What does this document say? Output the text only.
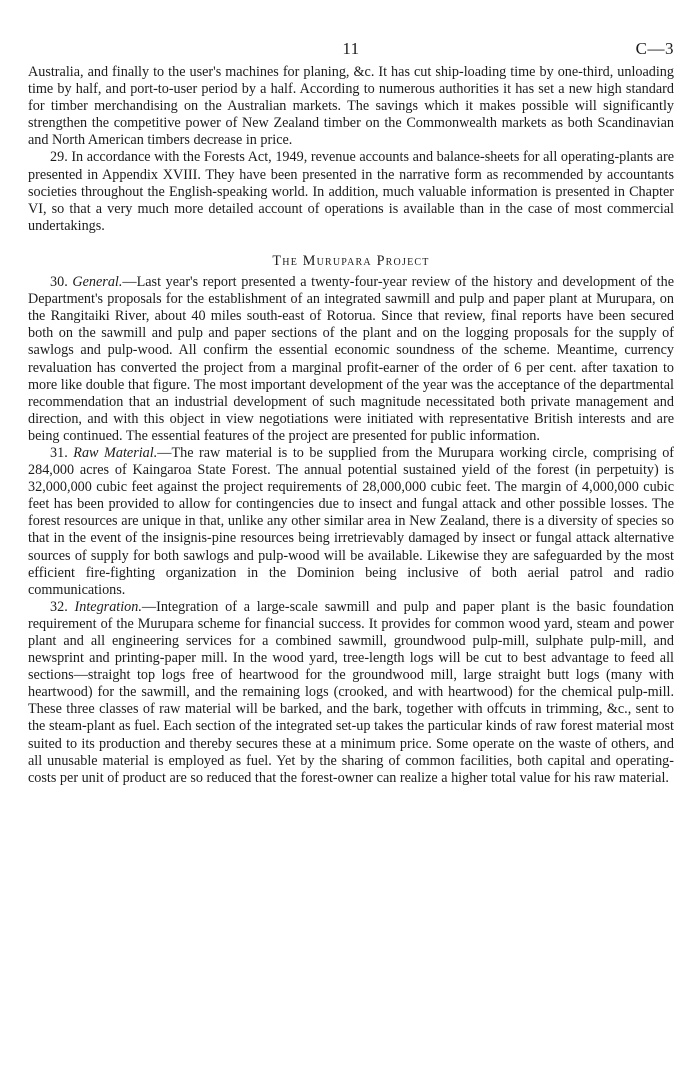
11	C—3

Australia, and finally to the user's machines for planing, &c. It has cut ship-loading time by one-third, unloading time by half, and port-to-user period by a half. According to numerous authorities it has set a new high standard for timber merchandising on the Australian markets. The savings which it makes possible will significantly strengthen the competitive power of New Zealand timber on the Commonwealth markets as both Scandinavian and North American timbers decrease in price.

29. In accordance with the Forests Act, 1949, revenue accounts and balance-sheets for all operating-plants are presented in Appendix XVIII. They have been presented in the narrative form as recommended by accountants societies throughout the English-speaking world. In addition, much valuable information is presented in Chapter VI, so that a very much more detailed account of operations is available than in the case of most commercial undertakings.

The Murupara Project

30. General.—Last year's report presented a twenty-four-year review of the history and development of the Department's proposals for the establishment of an integrated sawmill and pulp and paper plant at Murupara, on the Rangitaiki River, about 40 miles south-east of Rotorua. Since that review, final reports have been secured both on the sawmill and pulp and paper sections of the plant and on the logging proposals for the supply of sawlogs and pulp-wood. All confirm the essential economic soundness of the scheme. Meantime, currency revaluation has converted the project from a marginal profit-earner of the order of 6 per cent. after taxation to more like double that figure. The most important development of the year was the acceptance of the departmental recommendation that an industrial development of such magnitude necessitated both private management and direction, and with this object in view negotiations were initiated with representative British interests and are being continued. The essential features of the project are presented for public information.

31. Raw Material.—The raw material is to be supplied from the Murupara working circle, comprising of 284,000 acres of Kaingaroa State Forest. The annual potential sustained yield of the forest (in perpetuity) is 32,000,000 cubic feet against the project requirements of 28,000,000 cubic feet. The margin of 4,000,000 cubic feet has been provided to allow for contingencies due to insect and fungal attack and other possible losses. The forest resources are unique in that, unlike any other similar area in New Zealand, there is a diversity of species so that in the event of the insignis-pine resources being irretrievably damaged by insect or fungal attack alternative sources of supply for both sawlogs and pulp-wood will be available. Likewise they are safeguarded by the most efficient fire-fighting organization in the Dominion being inclusive of both aerial patrol and radio communications.

32. Integration.—Integration of a large-scale sawmill and pulp and paper plant is the basic foundation requirement of the Murupara scheme for financial success. It provides for common wood yard, steam and power plant and all engineering services for a combined sawmill, groundwood pulp-mill, sulphate pulp-mill, and newsprint and printing-paper mill. In the wood yard, tree-length logs will be cut to best advantage to feed all sections—straight top logs free of heartwood for the groundwood mill, large straight butt logs (many with heartwood) for the sawmill, and the remaining logs (crooked, and with heartwood) for the chemical pulp-mill. These three classes of raw material will be barked, and the bark, together with offcuts in trimming, &c., sent to the steam-plant as fuel. Each section of the integrated set-up takes the particular kinds of raw forest material most suited to its production and thereby secures these at a minimum price. Some operate on the waste of others, and all unusable material is employed as fuel. Yet by the sharing of common facilities, both capital and operating-costs per unit of product are so reduced that the forest-owner can realize a higher total value for his raw material.
